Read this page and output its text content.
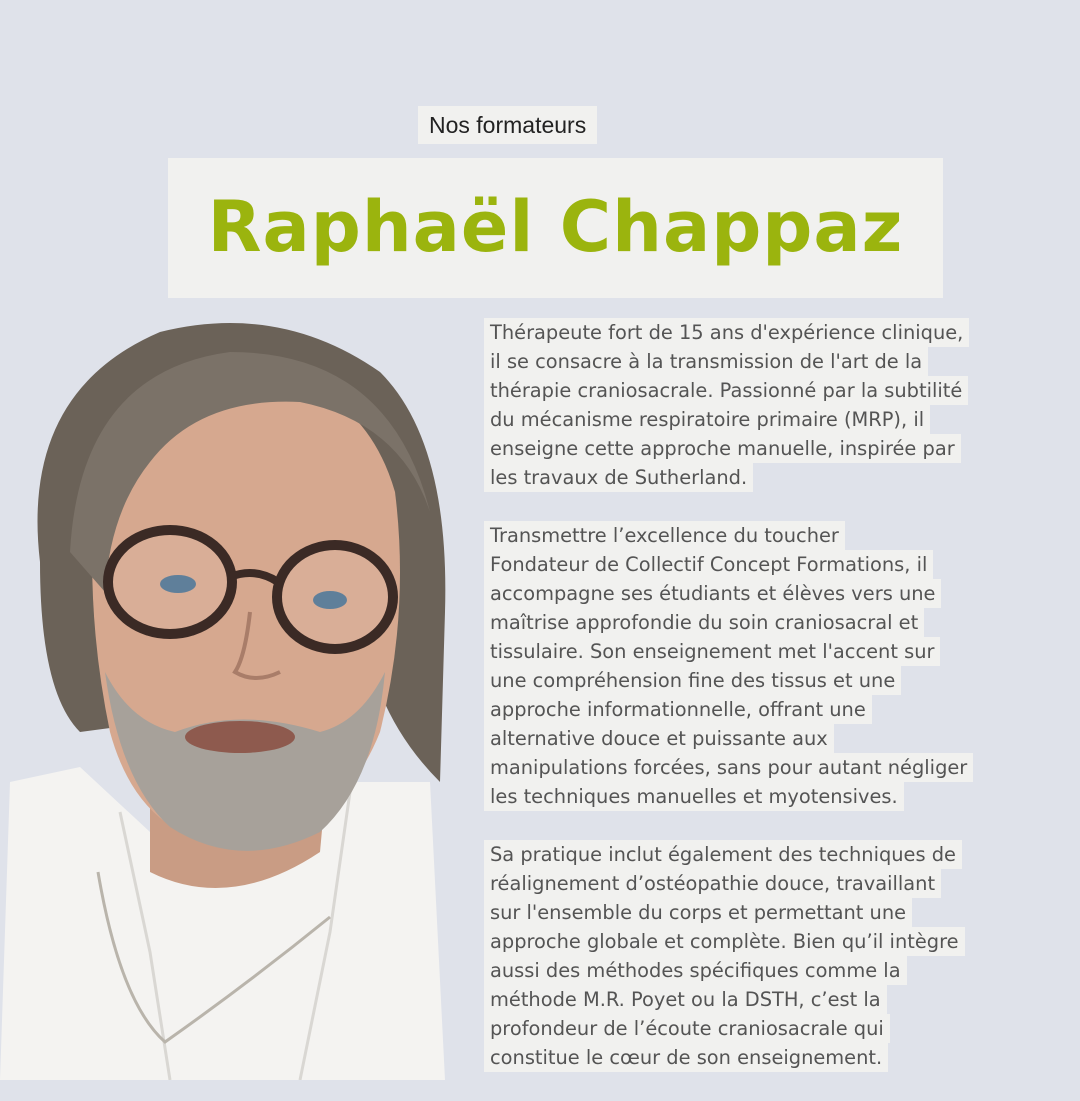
Nos formateurs
Raphaël Chappaz
Thérapeute fort de 15 ans d'expérience clinique,
il se consacre à la transmission de l'art de la
thérapie craniosacrale. Passionné par la subtilité
du mécanisme respiratoire primaire (MRP), il
enseigne cette approche manuelle, inspirée par
les travaux de Sutherland.
Transmettre l’excellence du toucher
Fondateur de Collectif Concept Formations, il
accompagne ses étudiants et élèves vers une
maîtrise approfondie du soin craniosacral et
tissulaire. Son enseignement met l'accent sur
une compréhension fine des tissus et une
approche informationnelle, offrant une
alternative douce et puissante aux
manipulations forcées, sans pour autant négliger
les techniques manuelles et myotensives.
Sa pratique inclut également des techniques de
réalignement d’ostéopathie douce, travaillant
sur l'ensemble du corps et permettant une
approche globale et complète. Bien qu’il intègre
aussi des méthodes spécifiques comme la
méthode M.R. Poyet ou la DSTH, c’est la
profondeur de l’écoute craniosacrale qui
constitue le cœur de son enseignement.
